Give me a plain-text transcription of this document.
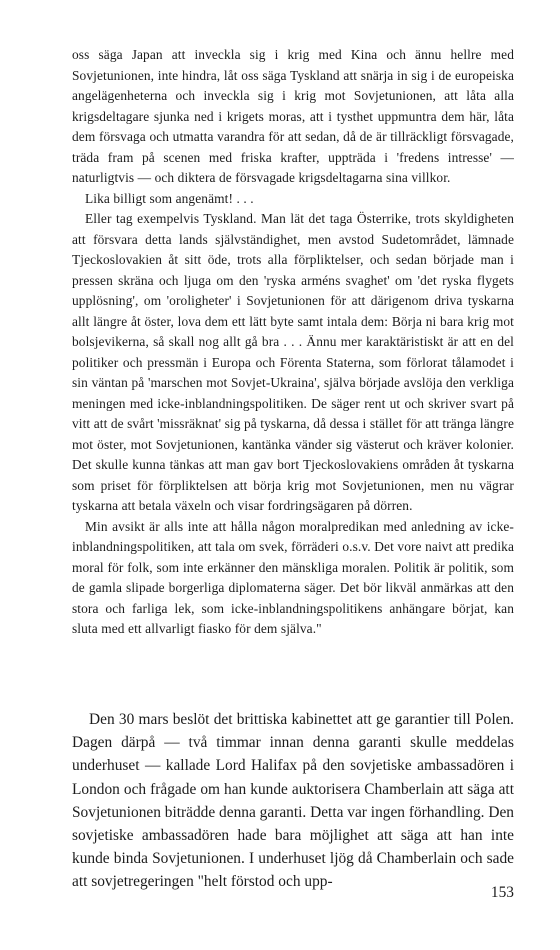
oss säga Japan att inveckla sig i krig med Kina och ännu hellre med Sovjetunionen, inte hindra, låt oss säga Tyskland att snärja in sig i de europeiska angelägenheterna och inveckla sig i krig mot Sovjetunionen, att låta alla krigsdeltagare sjunka ned i krigets moras, att i tysthet uppmuntra dem här, låta dem försvaga och utmatta varandra för att sedan, då de är tillräckligt försvagade, träda fram på scenen med friska krafter, uppträda i 'fredens intresse' — naturligtvis — och diktera de försvagade krigsdeltagarna sina villkor.

Lika billigt som angenämt! . . .

Eller tag exempelvis Tyskland. Man lät det taga Österrike, trots skyldigheten att försvara detta lands självständighet, men avstod Sudetområdet, lämnade Tjeckoslovakien åt sitt öde, trots alla förpliktelser, och sedan började man i pressen skräna och ljuga om den 'ryska arméns svaghet' om 'det ryska flygets upplösning', om 'oroligheter' i Sovjetunionen för att därigenom driva tyskarna allt längre åt öster, lova dem ett lätt byte samt intala dem: Börja ni bara krig mot bolsjevikerna, så skall nog allt gå bra . . . Ännu mer karaktäristiskt är att en del politiker och pressmän i Europa och Förenta Staterna, som förlorat tålamodet i sin väntan på 'marschen mot Sovjet-Ukraina', själva började avslöja den verkliga meningen med icke-inblandningspolitiken. De säger rent ut och skriver svart på vitt att de svårt 'missräknat' sig på tyskarna, då dessa i stället för att tränga längre mot öster, mot Sovjetunionen, kantänka vänder sig västerut och kräver kolonier. Det skulle kunna tänkas att man gav bort Tjeckoslovakiens områden åt tyskarna som priset för förpliktelsen att börja krig mot Sovjetunionen, men nu vägrar tyskarna att betala växeln och visar fordringsägaren på dörren.

Min avsikt är alls inte att hålla någon moralpredikan med anledning av icke-inblandningspolitiken, att tala om svek, förräderi o.s.v. Det vore naivt att predika moral för folk, som inte erkänner den mänskliga moralen. Politik är politik, som de gamla slipade borgerliga diplomaterna säger. Det bör likväl anmärkas att den stora och farliga lek, som icke-inblandningspolitikens anhängare börjat, kan sluta med ett allvarligt fiasko för dem själva."

Den 30 mars beslöt det brittiska kabinettet att ge garantier till Polen. Dagen därpå — två timmar innan denna garanti skulle meddelas underhuset — kallade Lord Halifax på den sovjetiske ambassadören i London och frågade om han kunde auktorisera Chamberlain att säga att Sovjetunionen biträdde denna garanti. Detta var ingen förhandling. Den sovjetiske ambassadören hade bara möjlighet att säga att han inte kunde binda Sovjetunionen. I underhuset ljög då Chamberlain och sade att sovjetregeringen "helt förstod och upp-

153
